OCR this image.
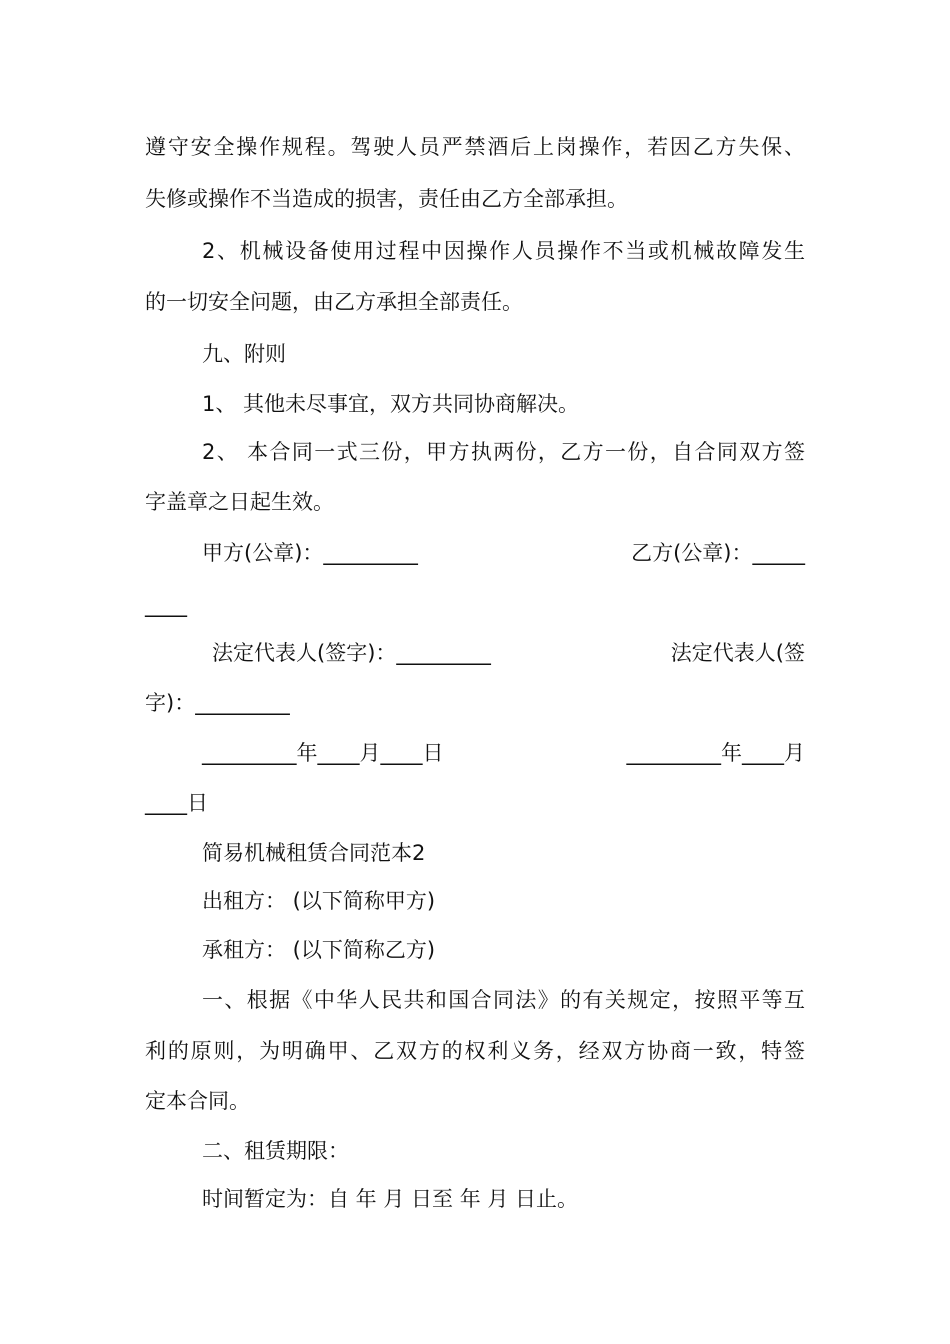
遵守安全操作规程。驾驶人员严禁酒后上岗操作，若因乙方失保、
失修或操作不当造成的损害，责任由乙方全部承担。
2、机械设备使用过程中因操作人员操作不当或机械故障发生
的一切安全问题，由乙方承担全部责任。
九、附则
1、 其他未尽事宜，双方共同协商解决。
2、 本合同一式三份，甲方执两份，乙方一份，自合同双方签
字盖章之日起生效。
甲方(公章)：_________	乙方(公章)：_____
____
法定代表人(签字)：_________	法定代表人(签
字)：_________
_________年____月____日	_________年____月
____日
简易机械租赁合同范本2
出租方： (以下简称甲方)
承租方： (以下简称乙方)
一、根据《中华人民共和国合同法》的有关规定，按照平等互
利的原则，为明确甲、乙双方的权利义务，经双方协商一致，特签
定本合同。
二、租赁期限：
时间暂定为：自 年 月 日至 年 月 日止。
